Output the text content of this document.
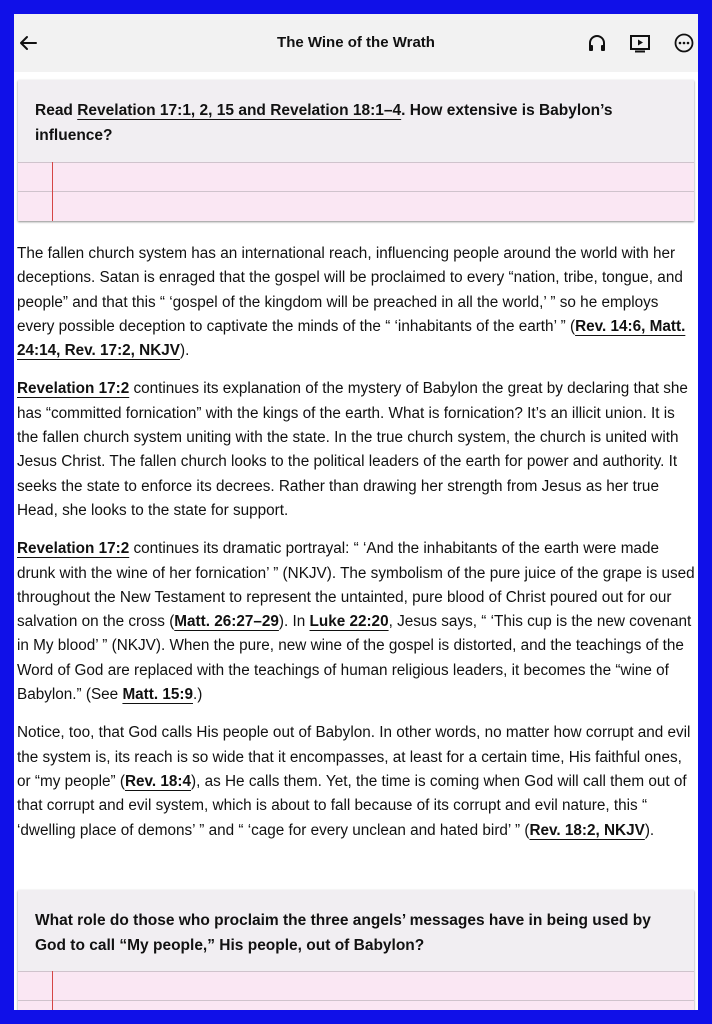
The Wine of the Wrath
Read Revelation 17:1, 2, 15 and Revelation 18:1–4. How extensive is Babylon’s influence?

The fallen church system has an international reach, influencing people around the world with her deceptions. Satan is enraged that the gospel will be proclaimed to every “nation, tribe, tongue, and people” and that this “ ‘gospel of the kingdom will be preached in all the world,’ ” so he employs every possible deception to captivate the minds of the “ ‘inhabitants of the earth’ ” (Rev. 14:6, Matt. 24:14, Rev. 17:2, NKJV).

Revelation 17:2 continues its explanation of the mystery of Babylon the great by declaring that she has “committed fornication” with the kings of the earth. What is fornication? It’s an illicit union. It is the fallen church system uniting with the state. In the true church system, the church is united with Jesus Christ. The fallen church looks to the political leaders of the earth for power and authority. It seeks the state to enforce its decrees. Rather than drawing her strength from Jesus as her true Head, she looks to the state for support.

Revelation 17:2 continues its dramatic portrayal: “ ‘And the inhabitants of the earth were made drunk with the wine of her fornication’ ” (NKJV). The symbolism of the pure juice of the grape is used throughout the New Testament to represent the untainted, pure blood of Christ poured out for our salvation on the cross (Matt. 26:27–29). In Luke 22:20, Jesus says, “ ‘This cup is the new covenant in My blood’ ” (NKJV). When the pure, new wine of the gospel is distorted, and the teachings of the Word of God are replaced with the teachings of human religious leaders, it becomes the “wine of Babylon.” (See Matt. 15:9.)

Notice, too, that God calls His people out of Babylon. In other words, no matter how corrupt and evil the system is, its reach is so wide that it encompasses, at least for a certain time, His faithful ones, or “my people” (Rev. 18:4), as He calls them. Yet, the time is coming when God will call them out of that corrupt and evil system, which is about to fall because of its corrupt and evil nature, this “ ‘dwelling place of demons’ ” and “ ‘cage for every unclean and hated bird’ ” (Rev. 18:2, NKJV).

What role do those who proclaim the three angels’ messages have in being used by God to call “My people,” His people, out of Babylon?
